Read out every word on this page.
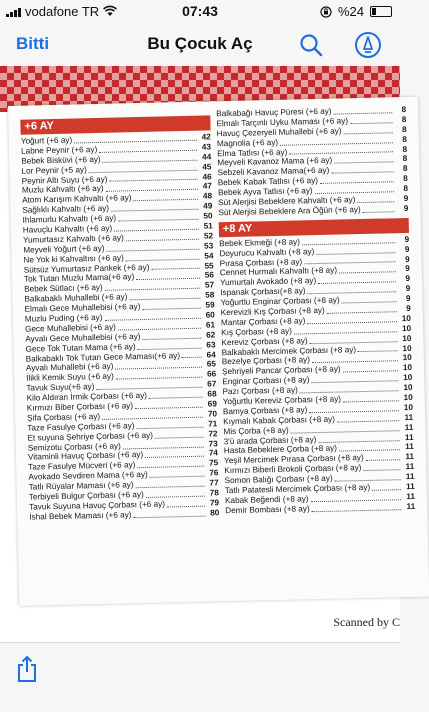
vodafone TR	07:43	%24
Bitti	Bu Çocuk Aç
+6 AY
Yoğurt (+6 ay)	42
Labne Peynir (+6 ay)	43
Bebek Bisküvi (+6 ay)	44
Lor Peynir (+5 ay)	45
Peynir Altı Suyu (+6 ay)	46
Muzlu Kahvaltı (+6 ay)	47
Atom Karışım Kahvaltı (+6 ay)	48
Sağlıklı Kahvaltı (+6 ay)	49
Ihlamurlu Kahvaltı (+6 ay)	50
Havuçlu Kahvaltı (+6 ay)	51
Yumurtasız Kahvaltı (+6 ay)	52
Meyveli Yoğurt (+6 ay)	53
Ne Yok ki Kahvaltısı (+6 ay)	54
Sütsüz Yumurtasız Pankek (+6 ay)	55
Tok Tutan Muzlu Mama(+6 ay)	56
Bebek Sütlacı (+6 ay)	57
Balkabaklı Muhallebi (+6 ay)	58
Elmalı Gece Muhallebisi (+6 ay)	59
Muzlu Puding (+6 ay)	60
Gece Muhallebisi (+6 ay)	61
Ayvalı Gece Muhallebisi (+6 ay)	62
Gece Tok Tutan Mama (+6 ay)	63
Balkabaklı Tok Tutan Gece Maması(+6 ay)	64
Ayvalı Muhallebi (+6 ay)	65
İlikli Kemik Suyu (+6 ay)	66
Tavuk Suyu(+6 ay)	67
Kilo Aldıran İrmik Çorbası (+6 ay)	68
Kırmızı Biber Çorbası (+6 ay)	69
Şifa Çorbası (+6 ay)	70
Taze Fasulye Çorbası (+6 ay)	71
Et suyuna Şehriye Çorbası (+6 ay)	72
Semizotu Çorbası (+6 ay)	73
Vitaminli Havuç Çorbası (+6 ay)	74
Taze Fasulye Mücveri (+6 ay)	75
Avokado Sevdiren Mama (+6 ay)	76
Tatlı Rüyalar Maması (+6 ay)	77
Terbiyeli Bulgur Çorbası (+6 ay)	78
Tavuk Suyuna Havuç Çorbası (+6 ay)	79
İshal Bebek Maması (+6 ay)	80
Balkabağı Havuç Püresi (+6 ay)	8
Elmalı Tarçınlı Uyku Maması (+6 ay)	8
Havuç Çezeryeli Muhallebi (+6 ay)	8
Magnolia (+6 ay)	8
Elma Tatlısı (+6 ay)	8
Meyveli Kavanoz Mama (+6 ay)	8
Sebzeli Kavanoz Mama(+6 ay)	8
Bebek Kabak Tatlısı (+6 ay)	8
Bebek Ayva Tatlısı (+6 ay)	8
Süt Alerjisi Bebeklere Kahvaltı (+6 ay)	9
Süt Alerjisi Bebeklere Ara Öğün (+6 ay)	9
+8 AY
Bebek Ekmeği (+8 ay)	9
Doyurucu Kahvaltı (+8 ay)	9
Pırasa Çorbası (+8 ay)	9
Cennet Hurmalı Kahvaltı (+8 ay)	9
Yumurtalı Avokado (+8 ay)	9
Ispanak Çorbası(+8 ay)	9
Yoğurtlu Enginar Çorbası (+8 ay)	9
Kerevizli Kış Çorbası (+8 ay)	9
Mantar Çorbası (+8 ay)	10
Kış Çorbası (+8 ay)	10
Kereviz Çorbası (+8 ay)	10
Balkabaklı Mercimek Çorbası (+8 ay)	10
Bezelye Çorbası (+8 ay)	10
Şehriyeli Pancar Çorbası (+8 ay)	10
Enginar Çorbası (+8 ay)	10
Pazı Çorbası (+8 ay)	10
Yoğurtlu Kereviz Çorbası (+8 ay)	10
Bamya Çorbası (+8 ay)	10
Kıymalı Kabak Çorbası (+8 ay)	11
Mis Çorba (+8 ay)	11
3'ü arada Çorbası (+8 ay)	11
Hasta Bebeklere Çorba (+8 ay)	11
Yeşil Mercimek Pırasa Çorbası (+8 ay)	11
Kırmızı Biberli Brokoli Çorbası (+8 ay)	11
Somon Balığı Çorbası (+8 ay)	11
Tatlı Patatesli Mercimek Çorbası (+8 ay)	11
Kabak Beğendi (+8 ay)	11
Demir Bombası (+8 ay)	11
Scanned by C
